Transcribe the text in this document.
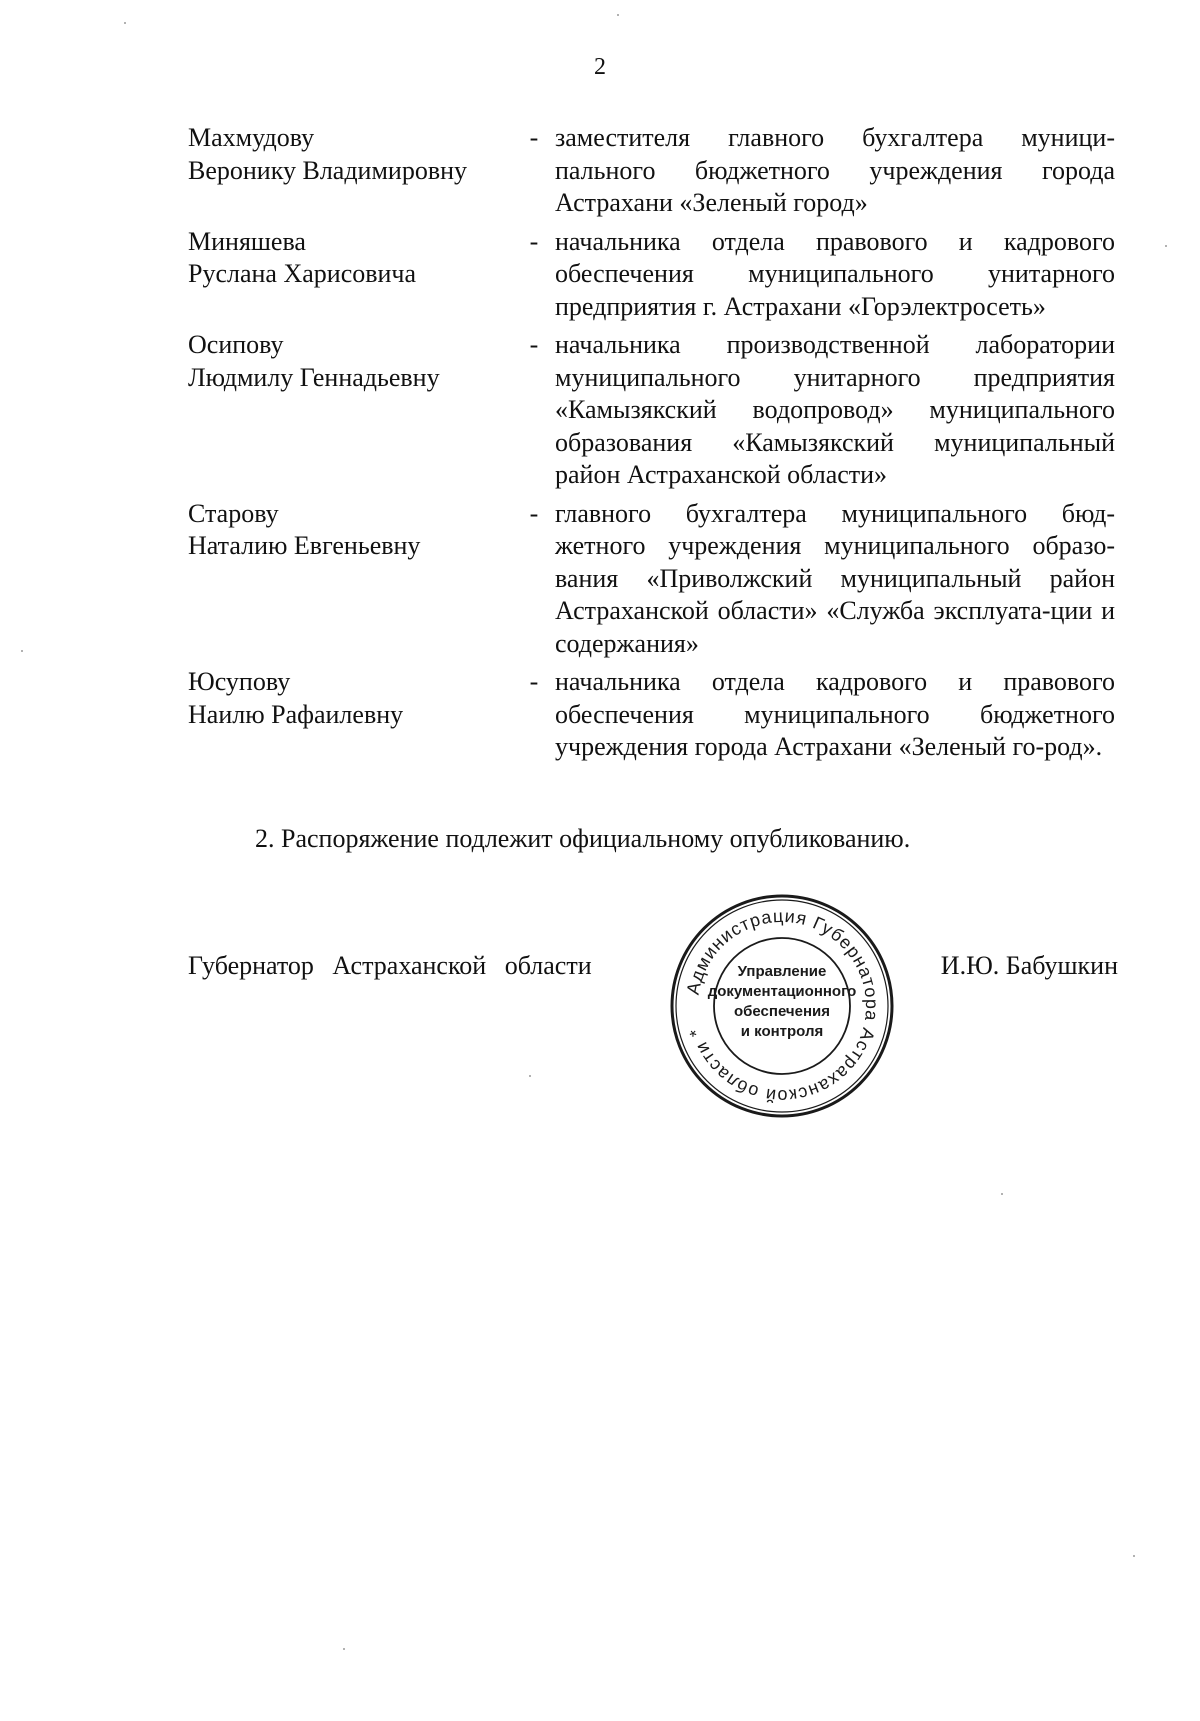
2
Махмудову
Веронику Владимировну
- заместителя главного бухгалтера муници-пального бюджетного учреждения города Астрахани «Зеленый город»
Миняшева
Руслана Харисовича
- начальника отдела правового и кадрового обеспечения муниципального унитарного предприятия г. Астрахани «Горэлектросеть»
Осипову
Людмилу Геннадьевну
- начальника производственной лаборатории муниципального унитарного предприятия «Камызякский водопровод» муниципального образования «Камызякский муниципальный район Астраханской области»
Старову
Наталию Евгеньевну
- главного бухгалтера муниципального бюд-жетного учреждения муниципального образо-вания «Приволжский муниципальный район Астраханской области» «Служба эксплуата-ции и содержания»
Юсупову
Наилю Рафаилевну
- начальника отдела кадрового и правового обеспечения муниципального бюджетного учреждения города Астрахани «Зеленый го-род».
2. Распоряжение подлежит официальному опубликованию.
Губернатор Астраханской области
Администрация Губернатора Астраханской области *
Управление
документационного
обеспечения
и контроля
И.Ю. Бабушкин
